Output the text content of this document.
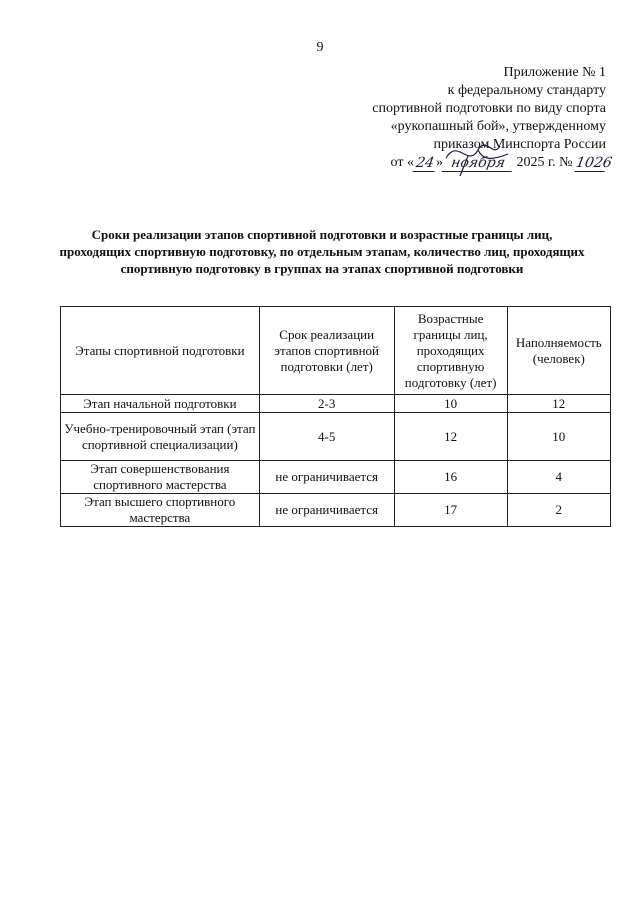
9
Приложение № 1
к федеральному стандарту
спортивной подготовки по виду спорта
«рукопашный бой», утвержденному
приказом Минспорта России
от «24» ноября 2025 г. № 1026
Сроки реализации этапов спортивной подготовки и возрастные границы лиц, проходящих спортивную подготовку, по отдельным этапам, количество лиц, проходящих спортивную подготовку в группах на этапах спортивной подготовки
Этапы спортивной подготовки	Срок реализации этапов спортивной подготовки (лет)	Возрастные границы лиц, проходящих спортивную подготовку (лет)	Наполняемость (человек)
Этап начальной подготовки	2-3	10	12
Учебно-тренировочный этап (этап спортивной специализации)	4-5	12	10
Этап совершенствования спортивного мастерства	не ограничивается	16	4
Этап высшего спортивного мастерства	не ограничивается	17	2
